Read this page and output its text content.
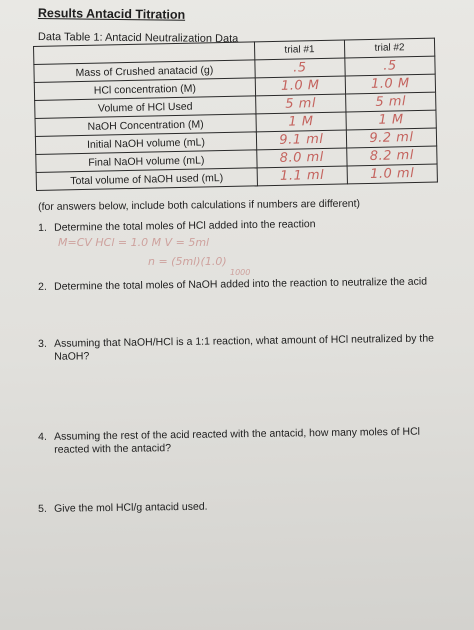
Results Antacid Titration
Data Table 1: Antacid Neutralization Data
	trial #1	trial #2
Mass of Crushed anatacid (g)	.5	.5
HCl concentration (M)	1.0 M	1.0 M
Volume of HCl Used	5 ml	5 ml
NaOH Concentration (M)	1 M	1 M
Initial NaOH volume (mL)	9.1 ml	9.2 ml
Final NaOH volume (mL)	8.0 ml	8.2 ml
Total volume of NaOH used (mL)	1.1 ml	1.0 ml
(for answers below, include both calculations if numbers are different)
1. Determine the total moles of HCl added into the reaction
M=CV HCl = 1.0 M V = 5ml
n = (5ml)(1.0)
1000
2. Determine the total moles of NaOH added into the reaction to neutralize the acid
3. Assuming that NaOH/HCl is a 1:1 reaction, what amount of HCl neutralized by the NaOH?
4. Assuming the rest of the acid reacted with the antacid, how many moles of HCl reacted with the antacid?
5. Give the mol HCl/g antacid used.
